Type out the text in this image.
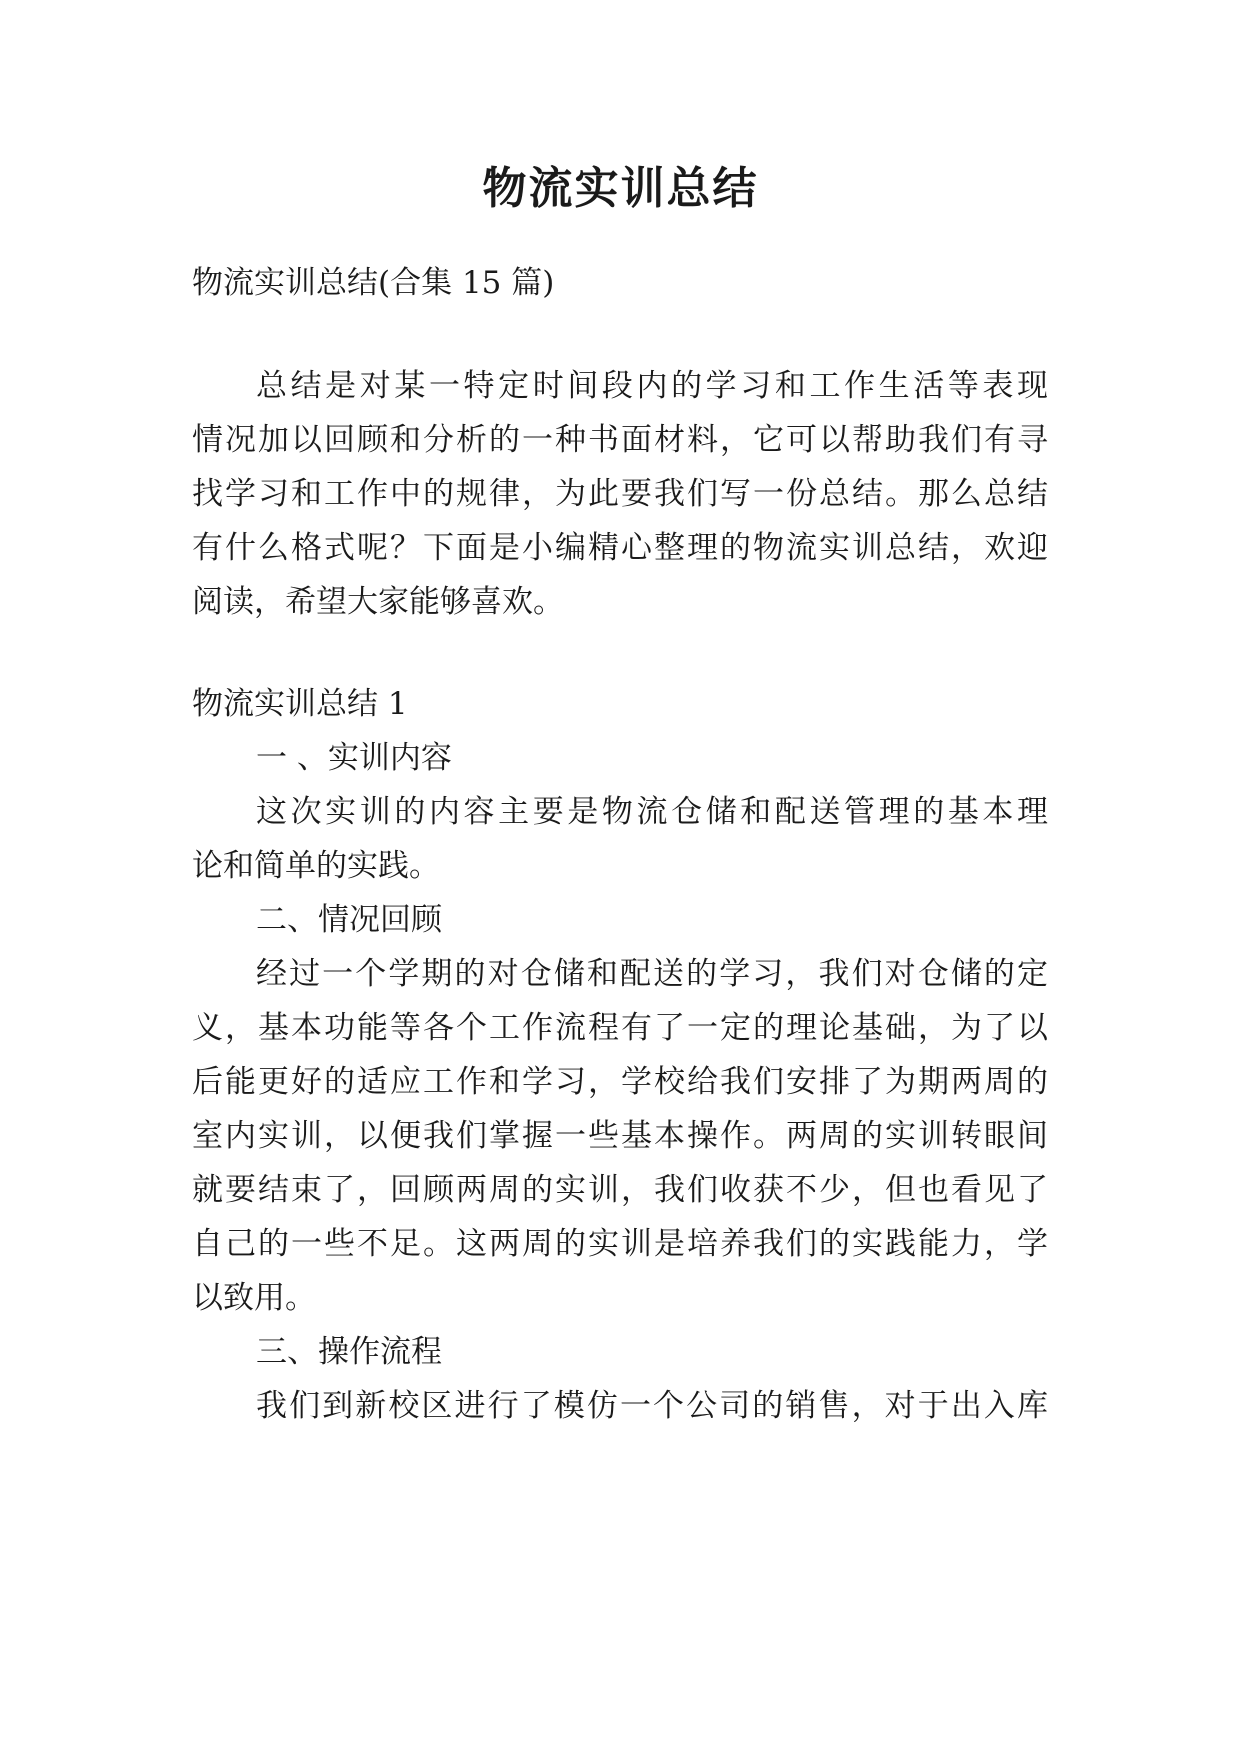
物流实训总结

物流实训总结(合集 15 篇)

总结是对某一特定时间段内的学习和工作生活等表现

情况加以回顾和分析的一种书面材料，它可以帮助我们有寻

找学习和工作中的规律，为此要我们写一份总结。那么总结

有什么格式呢？下面是小编精心整理的物流实训总结，欢迎

阅读，希望大家能够喜欢。

物流实训总结 1

一 、实训内容

这次实训的内容主要是物流仓储和配送管理的基本理

论和简单的实践。

二、情况回顾

经过一个学期的对仓储和配送的学习，我们对仓储的定

义，基本功能等各个工作流程有了一定的理论基础，为了以

后能更好的适应工作和学习，学校给我们安排了为期两周的

室内实训，以便我们掌握一些基本操作。两周的实训转眼间

就要结束了，回顾两周的实训，我们收获不少，但也看见了

自己的一些不足。这两周的实训是培养我们的实践能力，学

以致用。

三、操作流程

我们到新校区进行了模仿一个公司的销售，对于出入库
